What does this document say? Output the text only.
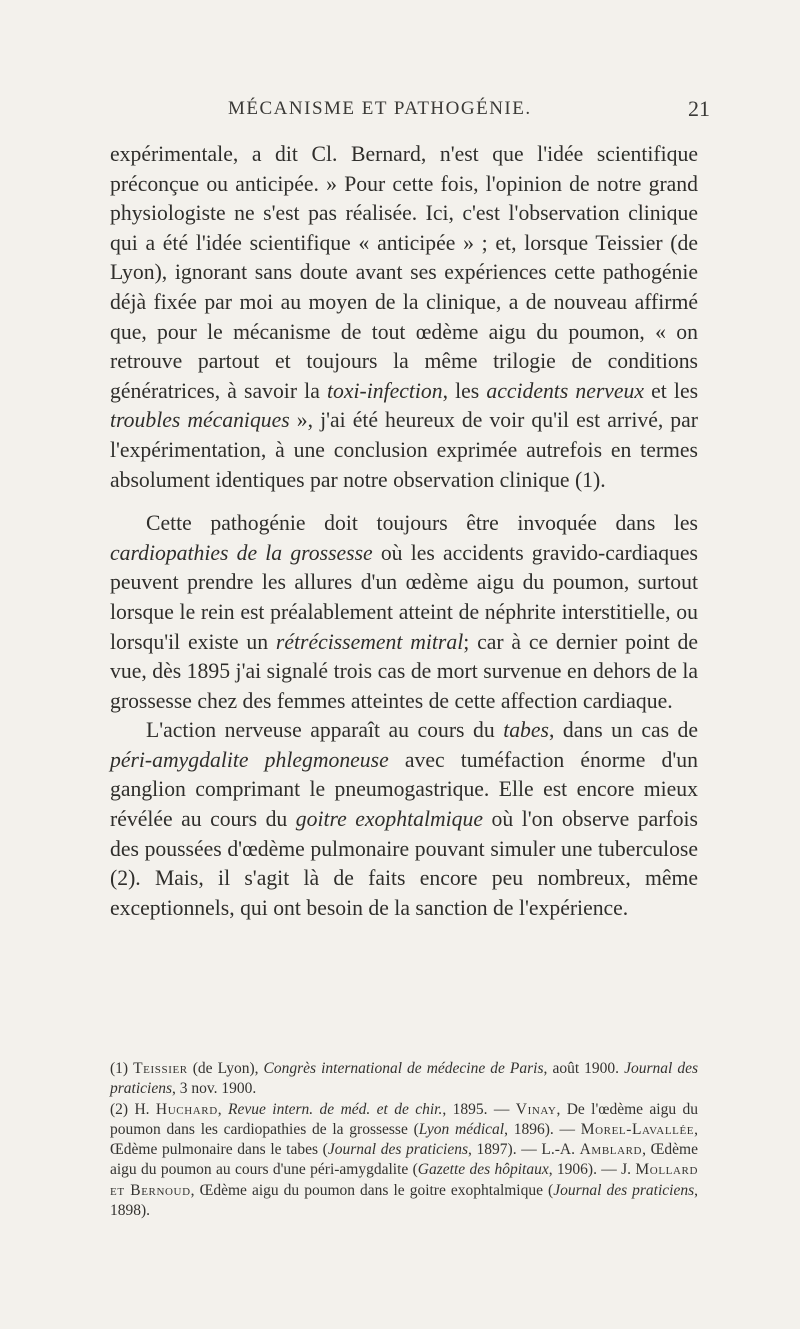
MÉCANISME ET PATHOGÉNIE.	21

expérimentale, a dit Cl. Bernard, n'est que l'idée scientifique préconçue ou anticipée. » Pour cette fois, l'opinion de notre grand physiologiste ne s'est pas réalisée. Ici, c'est l'observation clinique qui a été l'idée scientifique « anticipée » ; et, lorsque Teissier (de Lyon), ignorant sans doute avant ses expériences cette pathogénie déjà fixée par moi au moyen de la clinique, a de nouveau affirmé que, pour le mécanisme de tout œdème aigu du poumon, « on retrouve partout et toujours la même trilogie de conditions génératrices, à savoir la toxi-infection, les accidents nerveux et les troubles mécaniques », j'ai été heureux de voir qu'il est arrivé, par l'expérimentation, à une conclusion exprimée autrefois en termes absolument identiques par notre observation clinique (1).

Cette pathogénie doit toujours être invoquée dans les cardiopathies de la grossesse où les accidents gravido-cardiaques peuvent prendre les allures d'un œdème aigu du poumon, surtout lorsque le rein est préalablement atteint de néphrite interstitielle, ou lorsqu'il existe un rétrécissement mitral; car à ce dernier point de vue, dès 1895 j'ai signalé trois cas de mort survenue en dehors de la grossesse chez des femmes atteintes de cette affection cardiaque.

L'action nerveuse apparaît au cours du tabes, dans un cas de péri-amygdalite phlegmoneuse avec tuméfaction énorme d'un ganglion comprimant le pneumogastrique. Elle est encore mieux révélée au cours du goitre exophtalmique où l'on observe parfois des poussées d'œdème pulmonaire pouvant simuler une tuberculose (2). Mais, il s'agit là de faits encore peu nombreux, même exceptionnels, qui ont besoin de la sanction de l'expérience.

(1) Teissier (de Lyon), Congrès international de médecine de Paris, août 1900. Journal des praticiens, 3 nov. 1900.

(2) H. Huchard, Revue intern. de méd. et de chir., 1895. — Vinay, De l'œdème aigu du poumon dans les cardiopathies de la grossesse (Lyon médical, 1896). — Morel-Lavallée, Œdème pulmonaire dans le tabes (Journal des praticiens, 1897). — L.-A. Amblard, Œdème aigu du poumon au cours d'une péri-amygdalite (Gazette des hôpitaux, 1906). — J. Mollard et Bernoud, Œdème aigu du poumon dans le goitre exophtalmique (Journal des praticiens, 1898).
